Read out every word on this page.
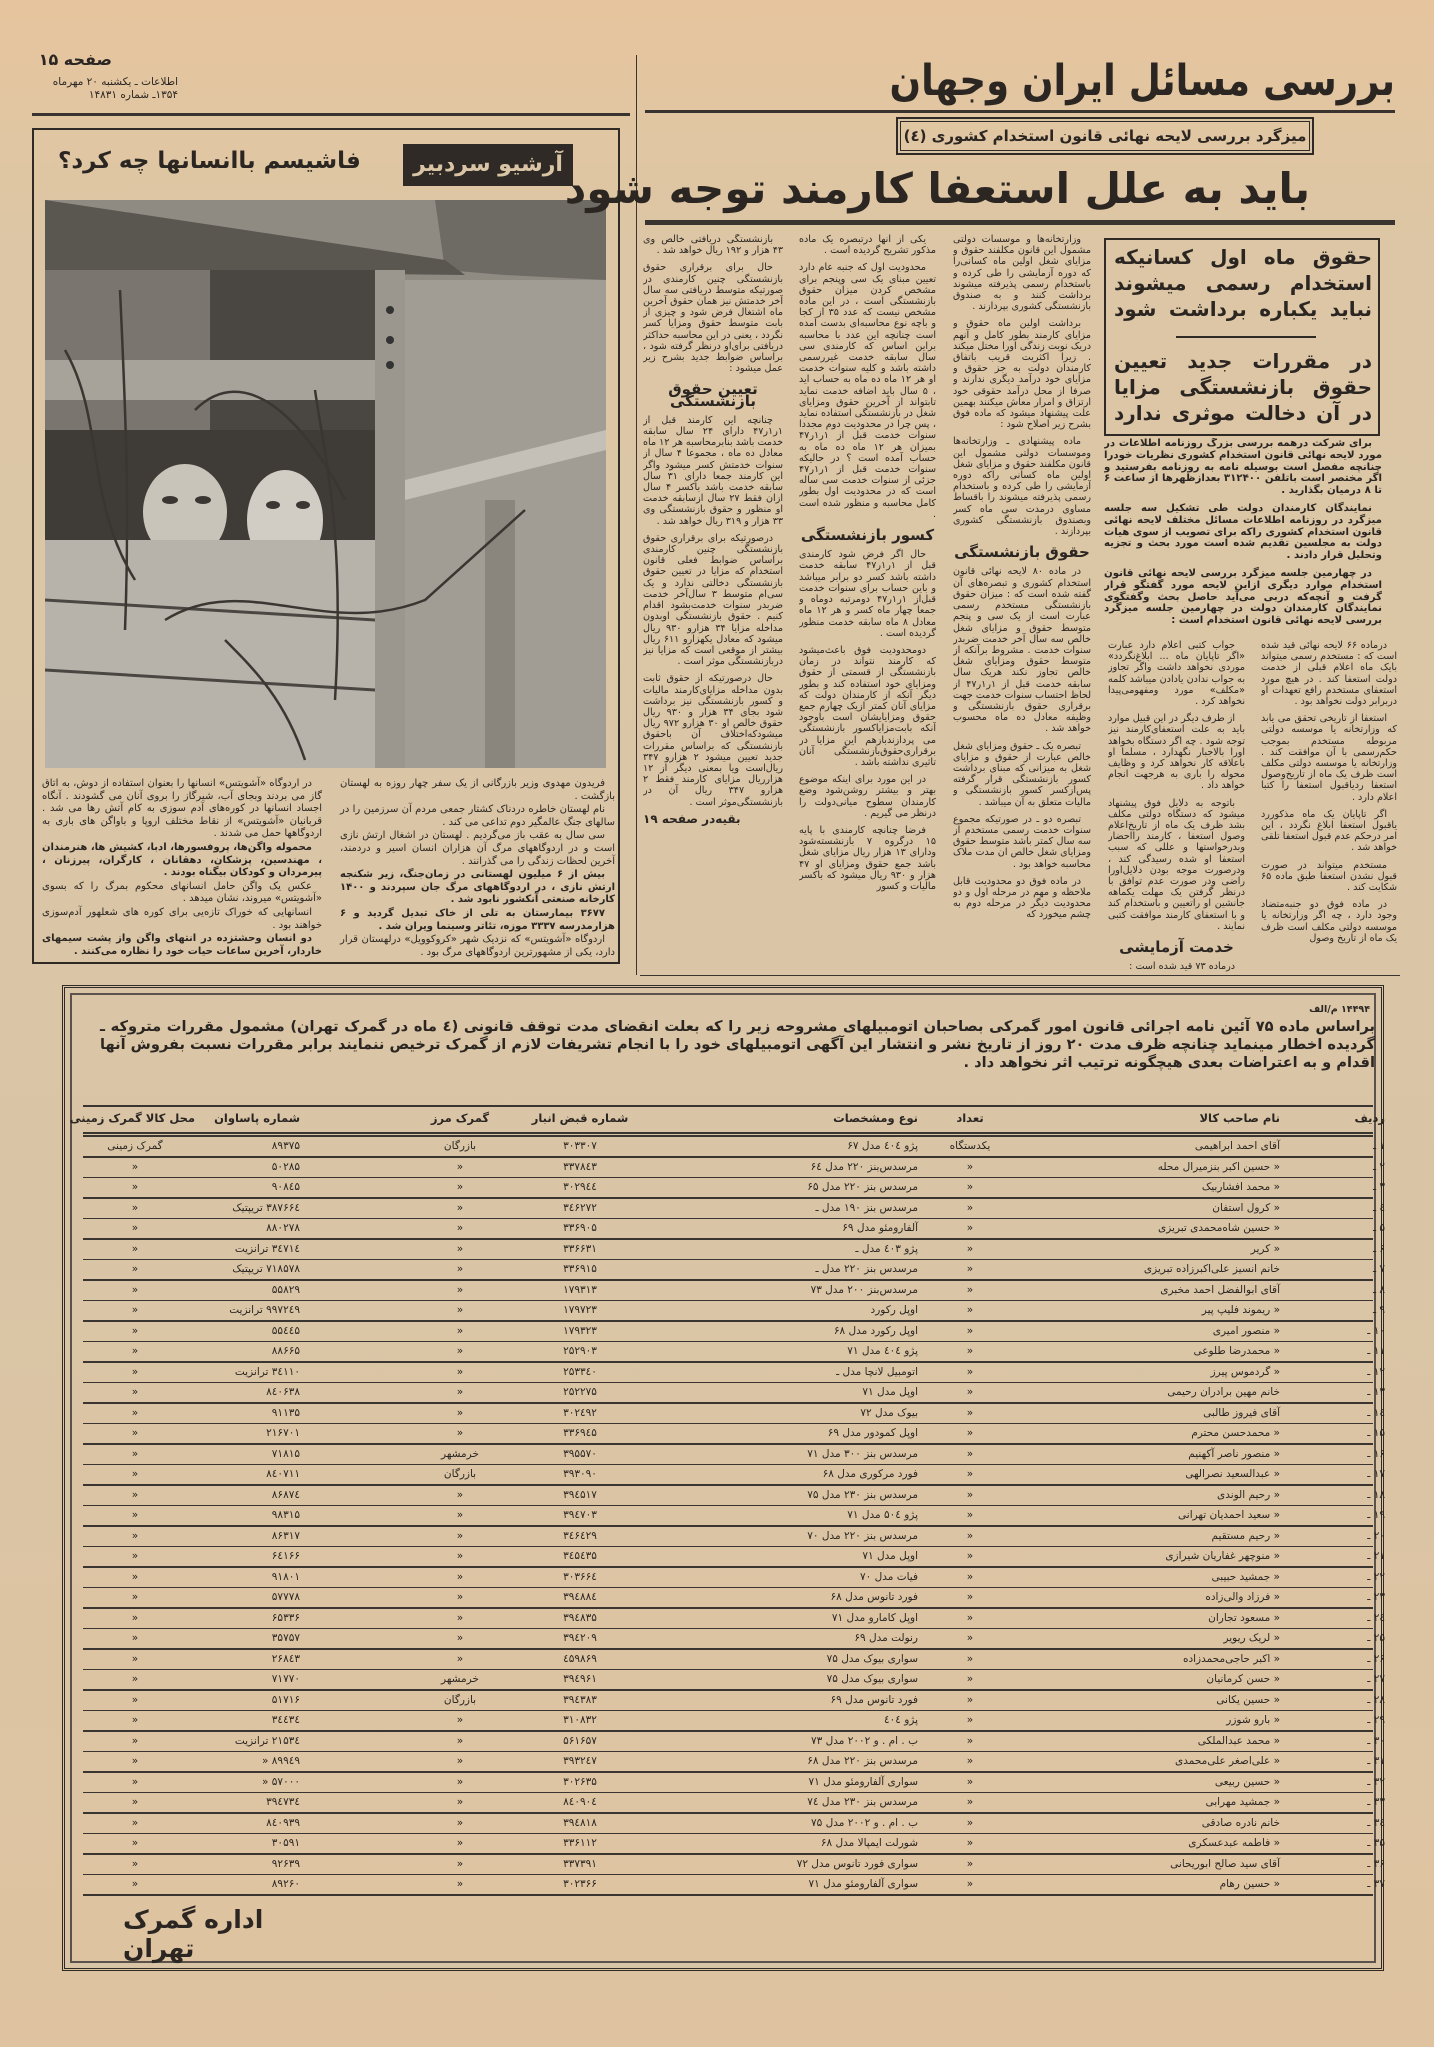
صفحه ۱۵
اطلاعات ـ یکشنبه ۲۰ مهرماه
۱۳۵۴ـ شماره ۱۴۸۳۱	بررسی مسائل ایران وجهان
آرشیو سردبیر
فاشیسم باانسانها چه کرد؟

فریدون مهدوی وزیر بازرگانی از یک سفر چهار روزه به لهستان بازگشت .

نام لهستان خاطره دردناک کشتار جمعی مردم آن سرزمین را در سالهای جنگ عالمگیر دوم تداعی می کند .

سی سال به عقب باز می‌گردیم . لهستان در اشغال ارتش نازی است و در اردوگاههای مرگ آن هزاران انسان اسیر و دردمند، آخرین لحظات زندگی را می گذرانند .

بیش از ۶ میلیون لهستانی در زمان‌جنگ، زیر شکنجه ارتش نازی ، در اردوگاههای مرگ جان سپردند و ۱۴۰۰ کارخانه صنعتی آنکشور نابود شد .

۳۶۷۷ بیمارستان به تلی از خاک تبدیل گردید و ۶ هزارمدرسه ۳۳۳۷ موزه، تئاتر وسینما ویران شد .

اردوگاه «آشویتس» که نزدیک شهر «کروکوویل» درلهستان قرار دارد، یکی از مشهورترین اردوگاههای مرگ بود .

در اردوگاه «آشویتس» انسانها را بعنوان استفاده از دوش، به اتاق گاز می بردند وبجای آب، شیرگاز را بروی آنان می گشودند . آنگاه اجساد انسانها در کوره‌های آدم سوزی به کام آتش رها می شد . قربانیان «آشویتس» از نقاط مختلف اروپا و باواگن های باری به اردوگاهها حمل می شدند .

محموله واگن‌ها، پروفسورها، ادبا، کشیش ها، هنرمندان ، مهندسین، پزشکان، دهقانان ، کارگران، پیرزنان ، پیرمردان و کودکان بیگناه بودند .

عکس یک واگن حامل انسانهای محکوم بمرگ را که بسوی «آشویتس» میروند، نشان میدهد .

انسانهایی که خوراک تازه‌یی برای کوره های شعلهور آدم‌سوزی خواهند بود .

دو انسان وحشتزده در انتهای واگن واز پشت سیمهای خاردار، آخرین ساعات حیات خود را نظاره می‌کنند .

میزگرد بررسی لایحه نهائی قانون استخدام کشوری (٤)
باید به علل استعفا کارمند توجه شود
حقوق ماه اول کسانیکه استخدام رسمی میشوند نباید یکباره برداشت شود
در مقررات جدید تعیین حقوق بازنشستگی مزایا در آن دخالت موثری ندارد

برای شرکت درهمه بررسی بزرگ روزنامه اطلاعات در مورد لایحه نهائی قانون استخدام کشوری نظریات خودرا چنانچه مفصل است بوسیله نامه به روزنامه بفرستید و اگر مختصر است باتلفن ۳۱۲۴۰۰ بعدازظهرها از ساعت ۶ تا ۸ درمیان بگذارید .

نمایندگان کارمندان دولت طی تشکیل سه جلسه میزگرد در روزنامه اطلاعات مسائل مختلف لایحه نهائی قانون استخدام کشوری راکه برای تصویب از سوی هیات دولت به مجلسین تقدیم شده است مورد بحث و تجزیه وتحلیل قرار دادند .

در چهارمین جلسه میزگرد بررسی لایحه نهائی قانون استخدام موارد دیگری ازاین لایحه مورد گفتگو قرار گرفت و آنچه‌که دربی می‌آید حاصل بحث وگفتگوی نمایندگان کارمندان دولت در چهارمین جلسه میزگرد بررسی لایحه نهائی قانون استخدام است :

وزارتخانه‌ها و موسسات دولتی مشمول این قانون مکلفند حقوق و مزایای شغل اولین ماه کسانی‌را که دوره آزمایشی را طی کرده و باستخدام رسمی پذیرفته میشوند برداشت کنند و به صندوق بازنشستگی کشوری بپردازند .

برداشت اولین ماه حقوق و مزایای کارمند بطور کامل و آنهم دریک نوبت زندگی اورا مختل میکند . زیرا اکثریت قریب باتفاق کارمندان دولت به جز حقوق و مزایای خود درآمد دیگری ندارند و صرفا از محل درآمد حقوقی خود ارتزاق و امرار معاش میکنند بهمین علت پیشنهاد میشود که ماده فوق بشرح زیر اصلاح شود :

ماده پیشنهادی ـ وزارتخانه‌ها وموسسات دولتی مشمول این قانون مکلفند حقوق و مزایای شغل اولین ماه کسانی راکه دوره آزمایشی را طی کرده و باستخدام رسمی پذیرفته میشوند را باقساط مساوی درمدت سی ماه کسر وبصندوق بازنشستگی کشوری بپردازند .

حقوق بازنشستگی

در ماده ۸۰ لایحه نهائی قانون استخدام کشوری و تبصره‌های آن گفته شده است که : میزان حقوق بازنشستگی مستخدم رسمی عبارت است از یک سی و پنجم متوسط حقوق و مزایای شغل خالص سه سال آخر خدمت ضربدر سنوات خدمت . مشروط برآنکه از متوسط حقوق ومزایای شغل خالص تجاوز نکند هریک سال سابقه خدمت قبل از ۱ر۱ر۴۷ از لحاظ احتساب سنوات خدمت جهت برقراری حقوق بازنشستگی و وظیفه معادل ده ماه محسوب خواهد شد .

تبصره یک ـ حقوق ومزایای شغل خالص عبارت از حقوق و مزایای شغل به میزانی که مبنای برداشت کسور بازنشستگی قرار گرفته پس‌ازکسر کسور بازنشستگی و مالیات متعلق به آن میباشد .

تبصره دو ـ در صورتیکه مجموع سنوات خدمت رسمی مستخدم از سه سال کمتر باشد متوسط حقوق ومزایای شغل خالص ان مدت ملاک محاسبه خواهد بود .

در ماده فوق دو محدودیت قابل ملاحظه و مهم در مرحله اول و دو محدودیت دیگر در مرحله دوم به چشم میخورد که

یکی از آنها درتبصره یک ماده مذکور تشریح گردیده است .

محدودیت اول که جنبه عام دارد تعیین مبنای یک سی وپنجم برای مشخص کردن میزان حقوق بازنشستگی است ، در این ماده مشخص نیست که عدد ۳۵ از کجا و باچه نوع محاسبه‌ای بدست آمده است چنانچه این عدد با محاسبه براین اساس که کارمندی سی سال سابقه خدمت غیررسمی داشته باشد و کلیه سنوات خدمت او هر ۱۲ ماه ده ماه به حساب اید ، ۵ سال باید اضافه خدمت نماید تابتواند از آخرین حقوق ومزایای شغل در بازنشستگی استفاده نماید ، پس چرا در محدودیت دوم مجددا سنوات خدمت قبل از ۱ر۱ر۴۷ بمیزان هر ۱۲ ماه ده ماه به حساب آمده است ؟ در حالیکه سنوات خدمت قبل از ۱ر۱ر۴۷ جزئی از سنوات خدمت سی ساله است که در محدودیت اول بطور کامل محاسبه و منظور شده است .

کسور بازنشستگی

حال اگر فرض شود کارمندی قبل از ۱ر۱ر۴۷ سابقه خدمت داشته باشد کسر دو برابر میباشد و باین حساب برای سنوات خدمت قبل‌از ۱ر۱ر۴۷ دومرتبه دوماه و جمعا چهار ماه کسر و هر ۱۲ ماه معادل ۸ ماه سابقه خدمت منظور گردیده است .

دومحدودیت فوق باعث‌میشود که کارمند نتواند در زمان بازنشستگی از قسمتی از حقوق ومزایای خود استفاده کند و بطور دیگر آنکه از کارمندان دولت که مزایای آنان کمتر ازیک چهارم جمع حقوق ومزایایشان است باوجود آنکه بابت‌مزایاکسور بازنشستگی می پردازندبازهم این مزایا در برقراری‌حقوق‌بازنشستگی آنان تاثیری نداشته باشد .

در این مورد برای اینکه موضوع بهتر و بیشتر روشن‌شود وضع کارمندان سطوح میانی‌دولت را درنظر می گیریم .

فرضا چنانچه کارمندی با پایه ۱۵ درگروه ۷ بازنشسته‌شود ودارای ۱۳ هزار ریال مزایای شغل باشد جمع حقوق ومزایای او ۴۷ هزار و ۹۳۰ ریال میشود که باکسر مالیات و کسور

بازنشستگی دریافتی خالص وی ۴۳ هزار و ۱۹۲ ریال خواهد شد .

حال برای برقراری حقوق بازنشستگی چنین کارمندی در صورتیکه متوسط دریافتی سه سال آخر خدمتش نیز همان حقوق آخرین ماه اشتغال فرض شود و چیزی از بابت متوسط حقوق ومزایا کسر نگردد ، یعنی در این محاسبه حداکثر دریافتی برای‌او درنظر گرفته شود ، براساس ضوابط جدید بشرح زیر عمل میشود :

تعیین حقوق بازنشستگی

چنانچه این کارمند قبل از ۱ر۱ر۴۷ دارای ۲۴ سال سابقه خدمت باشد بنابرمحاسبه هر ۱۲ ماه معادل ده ماه ، مجموعا ۴ سال از سنوات خدمتش کسر میشود واگر این کارمند جمعا دارای ۳۱ سال سابقه خدمت باشد باکسر ۴ سال ازان فقط ۲۷ سال ازسابقه خدمت او منظور و حقوق بازنشستگی وی ۳۳ هزار و ۳۱۹ ریال خواهد شد .

درصورتیکه برای برقراری حقوق بازنشستگی چنین کارمندی براساس ضوابط فعلی قانون استخدام که مزایا در تعیین حقوق بازنشستگی دخالتی ندارد و یک سی‌ام متوسط ۳ سال‌آخر خدمت ضربدر سنوات خدمت‌بشود اقدام کنیم . حقوق بازنشستگی اوبدون مداخله مزایا ۳۴ هزارو ۹۳۰ ریال میشود که معادل یکهزارو ۶۱۱ ریال بیشتر از موقعی است که مزایا نیز دربازنشستگی موثر است .

حال درصورتیکه از حقوق ثابت بدون مداخله مزایای‌کارمند مالیات و کسور بازنشستگی نیز برداشت شود بجای ۳۴ هزار و ۹۳۰ ریال حقوق خالص او ۳۰ هزارو ۹۷۲ ریال میشودکه‌اختلاف آن باحقوق بازنشستگی که براساس مقررات جدید تعیین میشود ۲ هزارو ۳۴۷ ریال‌است ویا بمعنی دیگر از ۱۲ هزارریال مزایای کارمند فقط ۲ هزارو ۳۴۷ ریال آن در بازنشستگی‌موثر است .

بقیه‌در صفحه ۱۹

درماده ۶۶ لایحه نهائی قید شده است که : مستخدم رسمی میتواند بایک ماه اعلام قبلی از خدمت دولت استعفا کند . در هیچ مورد استعفای مستخدم رافع تعهدات او دربرابر دولت نخواهد بود .

استعفا از تاریخی تحقق می یابد که وزارتخانه یا موسسه دولتی مربوطه مستخدم بموجب حکم‌رسمی با آن موافقت کند . وزارتخانه یا موسسه دولتی مکلف است ظرف یک ماه از تاریخ‌وصول استعفا ردیاقبول استعفا را کتبا اعلام دارد .

اگر تاپایان یک ماه مذکوررد یاقبول استعفا ابلاغ نگردد ، این امر درحکم عدم قبول استعفا تلقی خواهد شد .

مستخدم میتواند در صورت قبول نشدن استعفا طبق ماده ۶۵ شکایت کند .

در ماده فوق دو جنبه‌متضاد وجود دارد ، چه اگر وزارتخانه یا موسسه دولتی مکلف است ظرف یک ماه از تاریخ وصول

جواب کتبی اعلام دارد عبارت «اگر تاپایان ماه ... ابلاغ‌نگردد» موردی نخواهد داشت واگر تجاوز به جواب ندادن یادادن میباشد کلمه «مکلف» مورد ومفهومی‌پیدا نخواهد کرد .

از طرف دیگر در این قبیل موارد باید به علت استعفای‌کارمند نیز توجه شود . چه اگر دستگاه بخواهد اورا بالاجبار نگهدارد ، مسلما او باعلاقه کار نخواهد کرد و وظایف محوله را باری به هرجهت انجام خواهد داد .

باتوجه به دلایل فوق پیشنهاد میشود که دستگاه دولتی مکلف بشد ظرف یک ماه از تاریخ‌اعلام وصول استعفا ، کارمند رااحضار وبدرخواستها و عللی که سبب استعفا او شده رسیدگی کند ، ودرصورت موجه بودن دلایل‌اورا راضی ودر صورت عدم توافق با درنظر گرفتن یک مهلت یکماهه جانشین او راتعیین و باستخدام کند و با استعفای کارمند موافقت کتبی نمایند .

خدمت آزمایشی

درماده ۷۳ قید شده است :

۱۴۴۹۴ م/الف
براساس ماده ۷۵ آئین نامه اجرائی قانون امور گمرکی بصاحبان اتومبیلهای مشروحه زیر را که بعلت انقضای مدت توقف قانونی (٤ ماه در گمرک تهران) مشمول مقررات متروکه ـ گردیده اخطار مینماید چنانچه ظرف مدت ۲۰ روز از تاریخ نشر و انتشار این آگهی اتومبیلهای خود را با انجام تشریفات لازم از گمرک ترخیص ننمایند برابر مقررات نسبت بفروش آنها اقدام و به اعتراضات بعدی هیچگونه ترتیب اثر نخواهد داد .
ردیف
نام صاحب کالا
تعداد
نوع ومشخصات
شماره قبض انبار
گمرک مرز
شماره پاساوان
محل کالا گمرک زمینی
۱ ـ
آقای احمد ابراهیمی
یکدستگاه
پژو ٤۰٤ مدل ۶۷
۳۰۳۳۰۷
بازرگان
۸۹۳۷۵
گمرک زمینی
۲ ـ
« حسین اکبر بنزمیرال محله
«
مرسدس‌بنز ۲۲۰ مدل ۶٤
۳۳۷۸٤۳
«
۵۰۲۸۵
«
۳ ـ
« محمد افشاربیک
«
مرسدس بنز ۲۲۰ مدل ۶۵
۳۰۲۹٤٤
«
۹۰۸٤۵
«
٤ ـ
« کرول استفان
«
مرسدس بنز ۱۹۰ مدل ـ
۳٤۶۲۷۲
«
۳۸۷۶۶٤ تریپتیک
«
۵ ـ
« حسین شاه‌محمدی تبریزی
«
آلفارومئو مدل ۶۹
۳۳۶۹۰۵
«
۸۸۰۲۷۸
«
۶ ـ
« کریر
«
پژو ٤۰۳ مدل ـ
۳۳۶۶۳۱
«
۳٤۷۱٤ ترانزیت
«
۷ ـ
خانم انسیز علی‌اکبرزاده تبریزی
«
مرسدس بنز ۲۲۰ مدل ـ
۳۳۶۹۱۵
«
۷۱۸۵۷۸ تریپتیک
«
۸ ـ
آقای ابوالفضل احمد مخبری
«
مرسدس‌بنز ۲۰۰ مدل ۷۳
۱۷۹۳۱۳
«
۵۵۸۲۹
«
۹ ـ
« ریموند فلیپ پیر
«
اوپل رکورد
۱۷۹۷۲۳
«
۹۹۷۲٤۹ ترانزیت
«
۱۰ ـ
« منصور امیری
«
اوپل رکورد مدل ۶۸
۱۷۹۳۲۳
«
۵۵٤٤۵
«
۱۱ ـ
« محمدرضا طلوعی
«
پژو ٤۰٤ مدل ۷۱
۲۵۲۹۰۳
«
۸۸۶۶۵
«
۱۲ ـ
« گردموس پیرز
«
اتومبیل لانچا مدل ـ
۲۵۳۳٤۰
«
۳٤۱۱۰ ترانزیت
«
۱۳ ـ
خانم مهین برادران رحیمی
«
اوپل مدل ۷۱
۲۵۲۲۷۵
«
۸٤۰۶۳۸
«
۱٤ ـ
آقای فیروز طالبی
«
بیوک مدل ۷۲
۳۰۲٤۹۲
«
۹۱۱۳۵
«
۱۵ ـ
« محمدحسن محترم
«
اوپل کمودور مدل ۶۹
۳۳۶۹٤۵
«
۲۱۶۷۰۱
«
۱۶ ـ
« منصور ناصر آکهنیم
«
مرسدس بنز ۳۰۰ مدل ۷۱
۳۹۵۵۷۰
خرمشهر
۷۱۸۱۵
«
۱۷ ـ
« عبدالسعید نصرالهی
«
فورد مرکوری مدل ۶۸
۳۹۳۰۹۰
بازرگان
۸٤۰۷۱۱
«
۱۸ ـ
« رحیم الوندی
«
مرسدس بنز ۲۳۰ مدل ۷۵
۳۹٤۵۱۷
«
۸۶۸۷٤
«
۱۹ ـ
« سعید احمدیان تهرانی
«
پژو ۵۰٤ مدل ۷۱
۳۹٤۷۰۳
«
۹۸۳۱۵
«
۲۰ ـ
« رحیم مستقیم
«
مرسدس بنز ۲۲۰ مدل ۷۰
۳٤۶٤۲۹
«
۸۶۳۱۷
«
۲۱ ـ
« منوچهر غفاریان شیرازی
«
اوپل مدل ۷۱
۳٤۵٤۳۵
«
۶٤۱۶۶
«
۲۲ ـ
« جمشید حبیبی
«
فیات مدل ۷۰
۳۰۳۶۶٤
«
۹۱۸۰۱
«
۲۳ ـ
« فرزاد والی‌زاده
«
فورد تانوس مدل ۶۸
۳۹٤۸۸٤
«
۵۷۷۷۸
«
۲٤ ـ
« مسعود تجاران
«
اوپل کامارو مدل ۷۱
۳۹٤۸۳۵
«
۶۵۳۳۶
«
۲۵ ـ
« لریک ریویر
«
رنولت مدل ۶۹
۳۹٤۲۰۹
«
۳۵۷۵۷
«
۲۶ ـ
« اکبر حاجی‌محمدزاده
«
سواری بیوک مدل ۷۵
٤۵۹۸۶۹
«
۲۶۸٤۳
«
۲۷ ـ
« حسن کرمانیان
«
سواری بیوک مدل ۷۵
۳۹٤۹۶۱
خرمشهر
۷۱۷۷۰
«
۲۸ ـ
« حسین یکانی
«
فورد تانوس مدل ۶۹
۳۹٤۳۸۳
بازرگان
۵۱۷۱۶
«
۲۹ ـ
« بارو شوزر
«
پژو ٤۰٤
۳۱۰۸۳۲
«
۳٤٤۳٤
«
۳۰ ـ
« محمد عبدالملکی
«
ب . ام . و ۲۰۰۲ مدل ۷۳
۵۶۱۶۵۷
«
۲۱۵۳٤ ترانزیت
«
۳۱ ـ
« علی‌اصغر علی‌محمدی
«
مرسدس بنز ۲۲۰ مدل ۶۸
۳۹۳۲٤۷
«
۸۹۹٤۹ «
«
۳۲ ـ
« حسین ربیعی
«
سواری آلفارومئو مدل ۷۱
۳۰۲۶۳۵
«
۵۷۰۰۰ «
«
۳۳ ـ
« جمشید مهرابی
«
مرسدس بنز ۲۳۰ مدل ۷٤
۸٤۰۹۰٤
«
۳۹٤۷۳٤
«
۳٤ ـ
خانم نادره صادقی
«
ب . ام . و ۲۰۰۲ مدل ۷۵
۳۹٤۸۱۸
«
۸٤۰۹۳۹
«
۳۵ ـ
« فاطمه عبدعسکری
«
شورلت ایمپالا مدل ۶۸
۳۳۶۱۱۲
«
۳۰۵۹۱
«
۳۶ ـ
آقای سید صالح ابوریحانی
«
سواری فورد تانوس مدل ۷۲
۳۳۷۳۹۱
«
۹۲۶۳۹
«
۳۷ ـ
« حسین رهام
«
سواری آلفارومئو مدل ۷۱
۳۰۲۳۶۶
«
۸۹۲۶۰
«
اداره گمرک تهران
